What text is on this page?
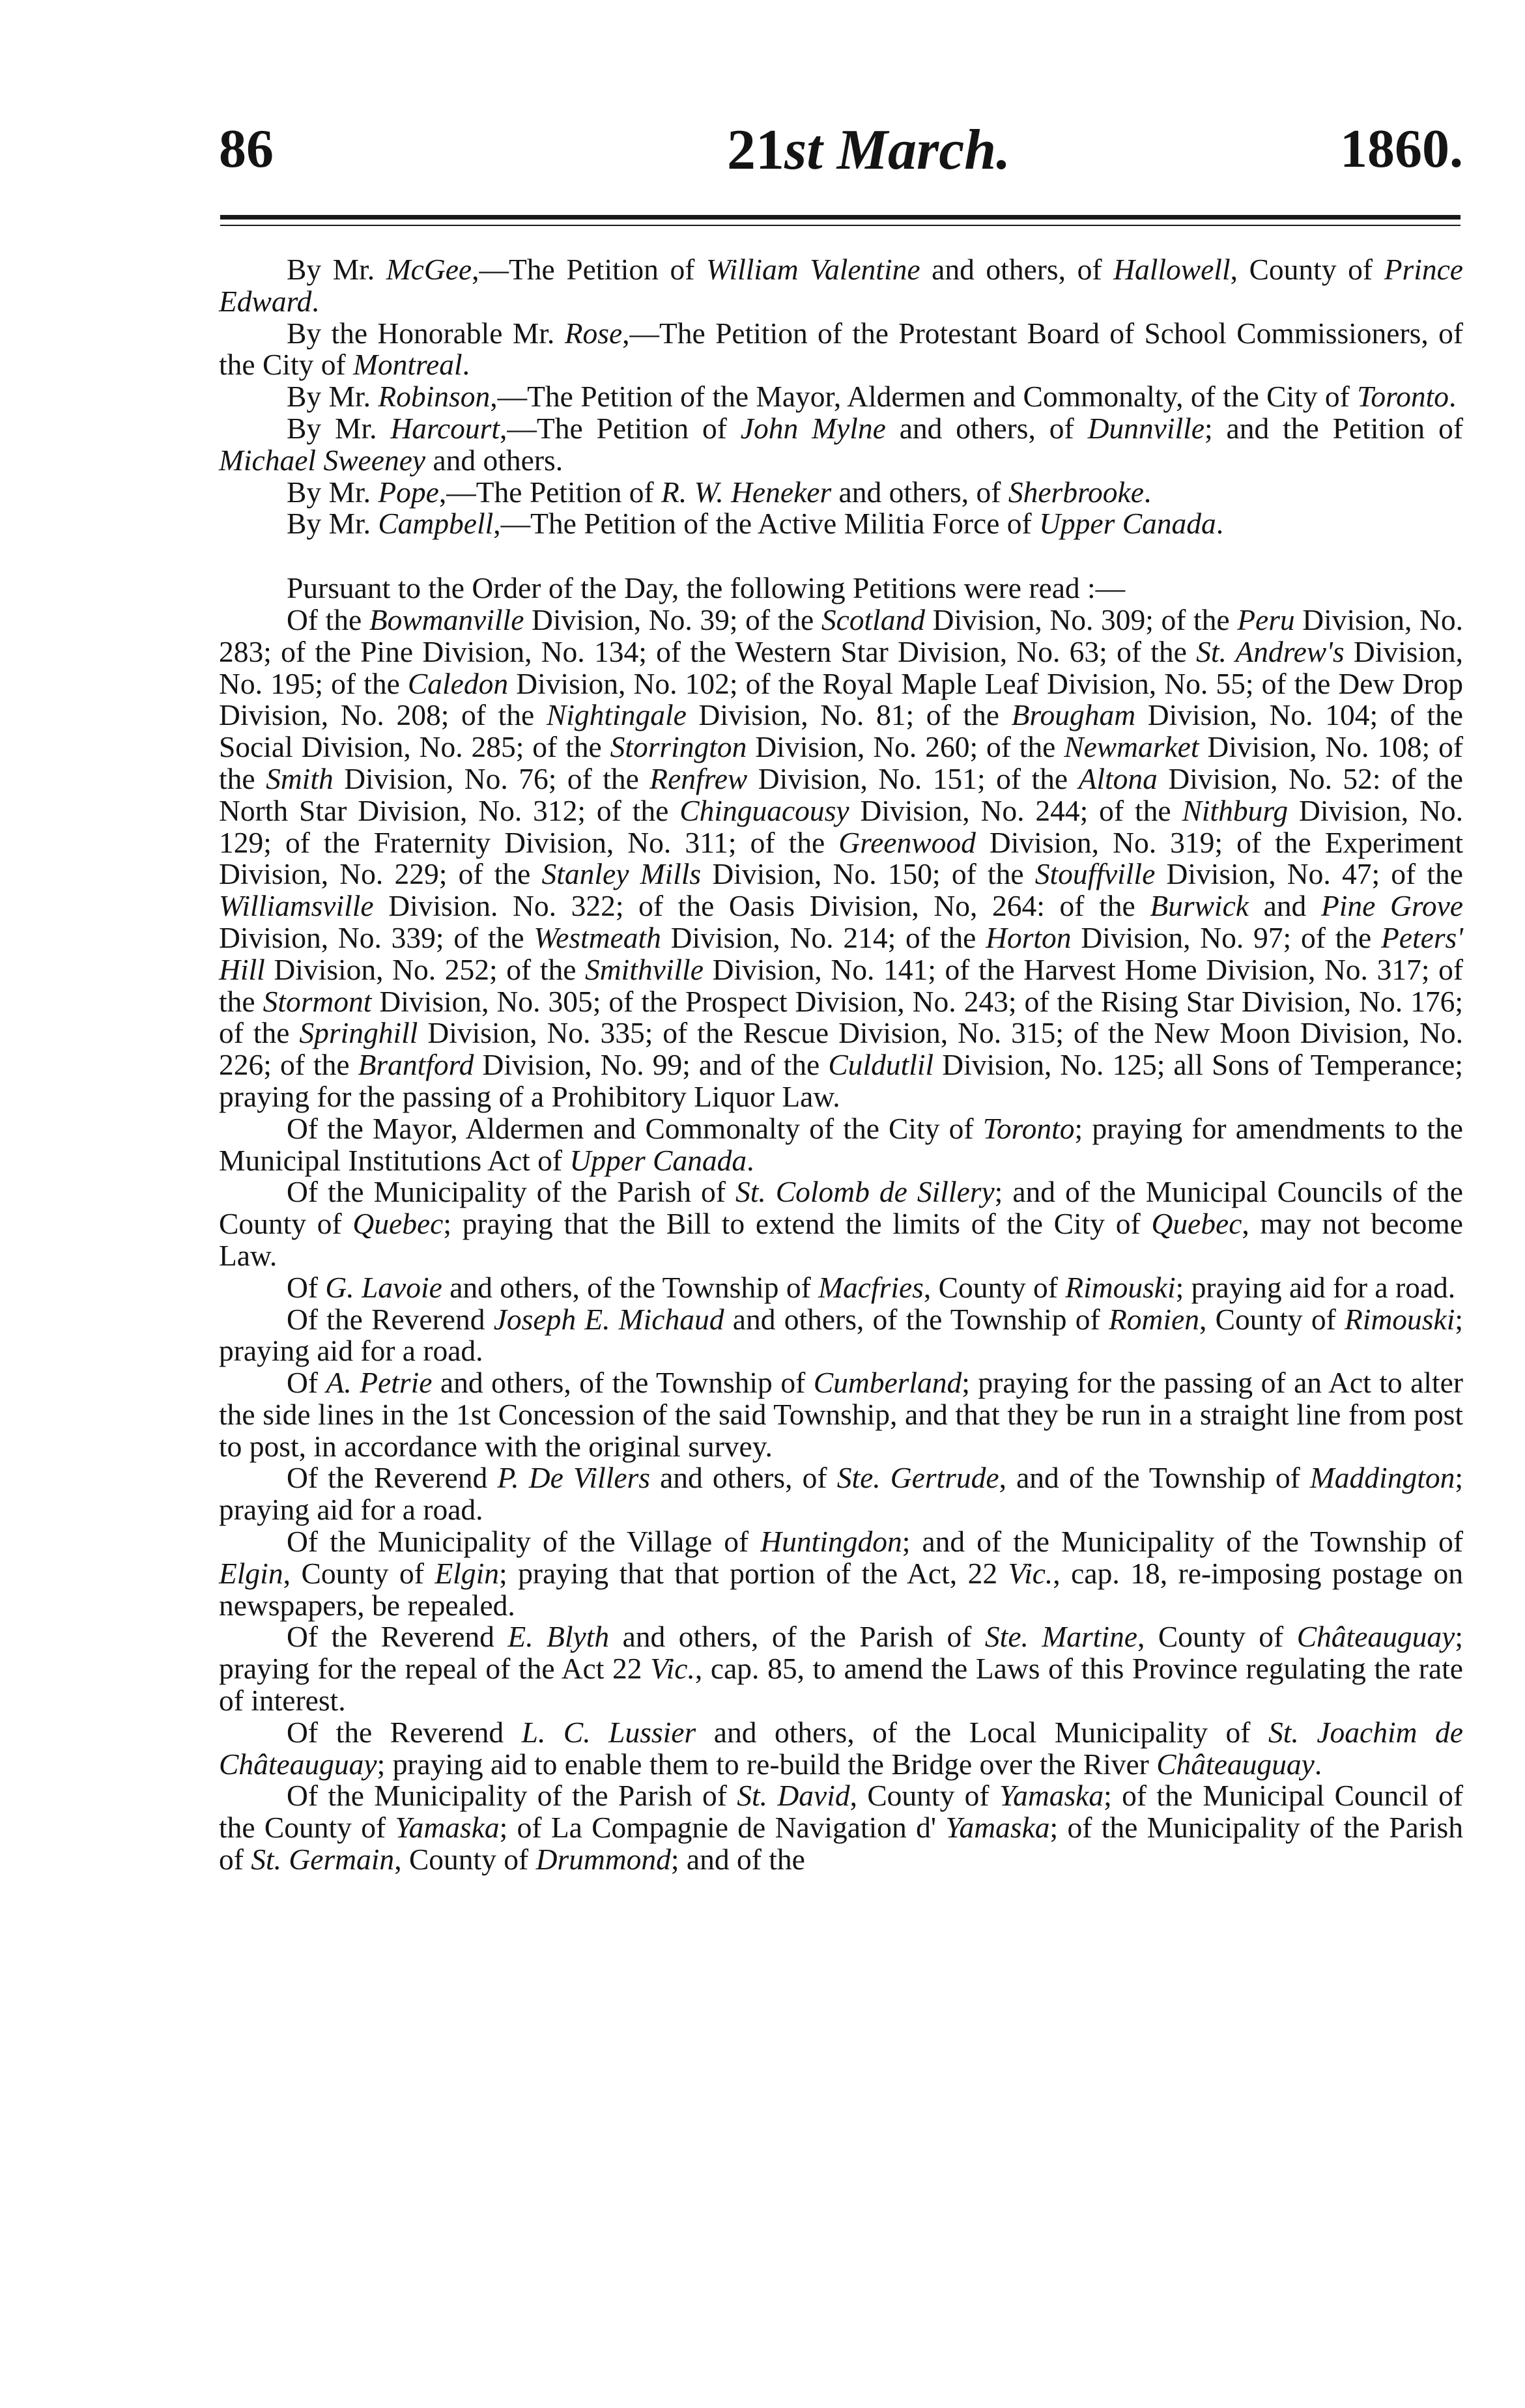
86	21st March.	1860.

By Mr. McGee,—The Petition of William Valentine and others, of Hallowell, County of Prince Edward.

By the Honorable Mr. Rose,—The Petition of the Protestant Board of School Commissioners, of the City of Montreal.

By Mr. Robinson,—The Petition of the Mayor, Aldermen and Commonalty, of the City of Toronto.

By Mr. Harcourt,—The Petition of John Mylne and others, of Dunnville; and the Petition of Michael Sweeney and others.

By Mr. Pope,—The Petition of R. W. Heneker and others, of Sherbrooke.

By Mr. Campbell,—The Petition of the Active Militia Force of Upper Canada.

Pursuant to the Order of the Day, the following Petitions were read :—

Of the Bowmanville Division, No. 39; of the Scotland Division, No. 309; of the Peru Division, No. 283; of the Pine Division, No. 134; of the Western Star Division, No. 63; of the St. Andrew's Division, No. 195; of the Caledon Division, No. 102; of the Royal Maple Leaf Division, No. 55; of the Dew Drop Division, No. 208; of the Nightingale Division, No. 81; of the Brougham Division, No. 104; of the Social Division, No. 285; of the Storrington Division, No. 260; of the Newmarket Division, No. 108; of the Smith Division, No. 76; of the Renfrew Division, No. 151; of the Altona Division, No. 52: of the North Star Division, No. 312; of the Chinguacousy Division, No. 244; of the Nithburg Division, No. 129; of the Fraternity Division, No. 311; of the Greenwood Division, No. 319; of the Experiment Division, No. 229; of the Stanley Mills Division, No. 150; of the Stouffville Division, No. 47; of the Williamsville Division. No. 322; of the Oasis Division, No, 264: of the Burwick and Pine Grove Division, No. 339; of the Westmeath Division, No. 214; of the Horton Division, No. 97; of the Peters' Hill Division, No. 252; of the Smithville Division, No. 141; of the Harvest Home Division, No. 317; of the Stormont Division, No. 305; of the Prospect Division, No. 243; of the Rising Star Division, No. 176; of the Springhill Division, No. 335; of the Rescue Division, No. 315; of the New Moon Division, No. 226; of the Brantford Division, No. 99; and of the Culdutlil Division, No. 125; all Sons of Temperance; praying for the passing of a Prohibitory Liquor Law.

Of the Mayor, Aldermen and Commonalty of the City of Toronto; praying for amendments to the Municipal Institutions Act of Upper Canada.

Of the Municipality of the Parish of St. Colomb de Sillery; and of the Municipal Councils of the County of Quebec; praying that the Bill to extend the limits of the City of Quebec, may not become Law.

Of G. Lavoie and others, of the Township of Macfries, County of Rimouski; praying aid for a road.

Of the Reverend Joseph E. Michaud and others, of the Township of Romien, County of Rimouski; praying aid for a road.

Of A. Petrie and others, of the Township of Cumberland; praying for the passing of an Act to alter the side lines in the 1st Concession of the said Township, and that they be run in a straight line from post to post, in accordance with the original survey.

Of the Reverend P. De Villers and others, of Ste. Gertrude, and of the Township of Maddington; praying aid for a road.

Of the Municipality of the Village of Huntingdon; and of the Municipality of the Township of Elgin, County of Elgin; praying that that portion of the Act, 22 Vic., cap. 18, re-imposing postage on newspapers, be repealed.

Of the Reverend E. Blyth and others, of the Parish of Ste. Martine, County of Châteauguay; praying for the repeal of the Act 22 Vic., cap. 85, to amend the Laws of this Province regulating the rate of interest.

Of the Reverend L. C. Lussier and others, of the Local Municipality of St. Joachim de Châteauguay; praying aid to enable them to re-build the Bridge over the River Châteauguay.

Of the Municipality of the Parish of St. David, County of Yamaska; of the Municipal Council of the County of Yamaska; of La Compagnie de Navigation d' Yamaska; of the Municipality of the Parish of St. Germain, County of Drummond; and of the
